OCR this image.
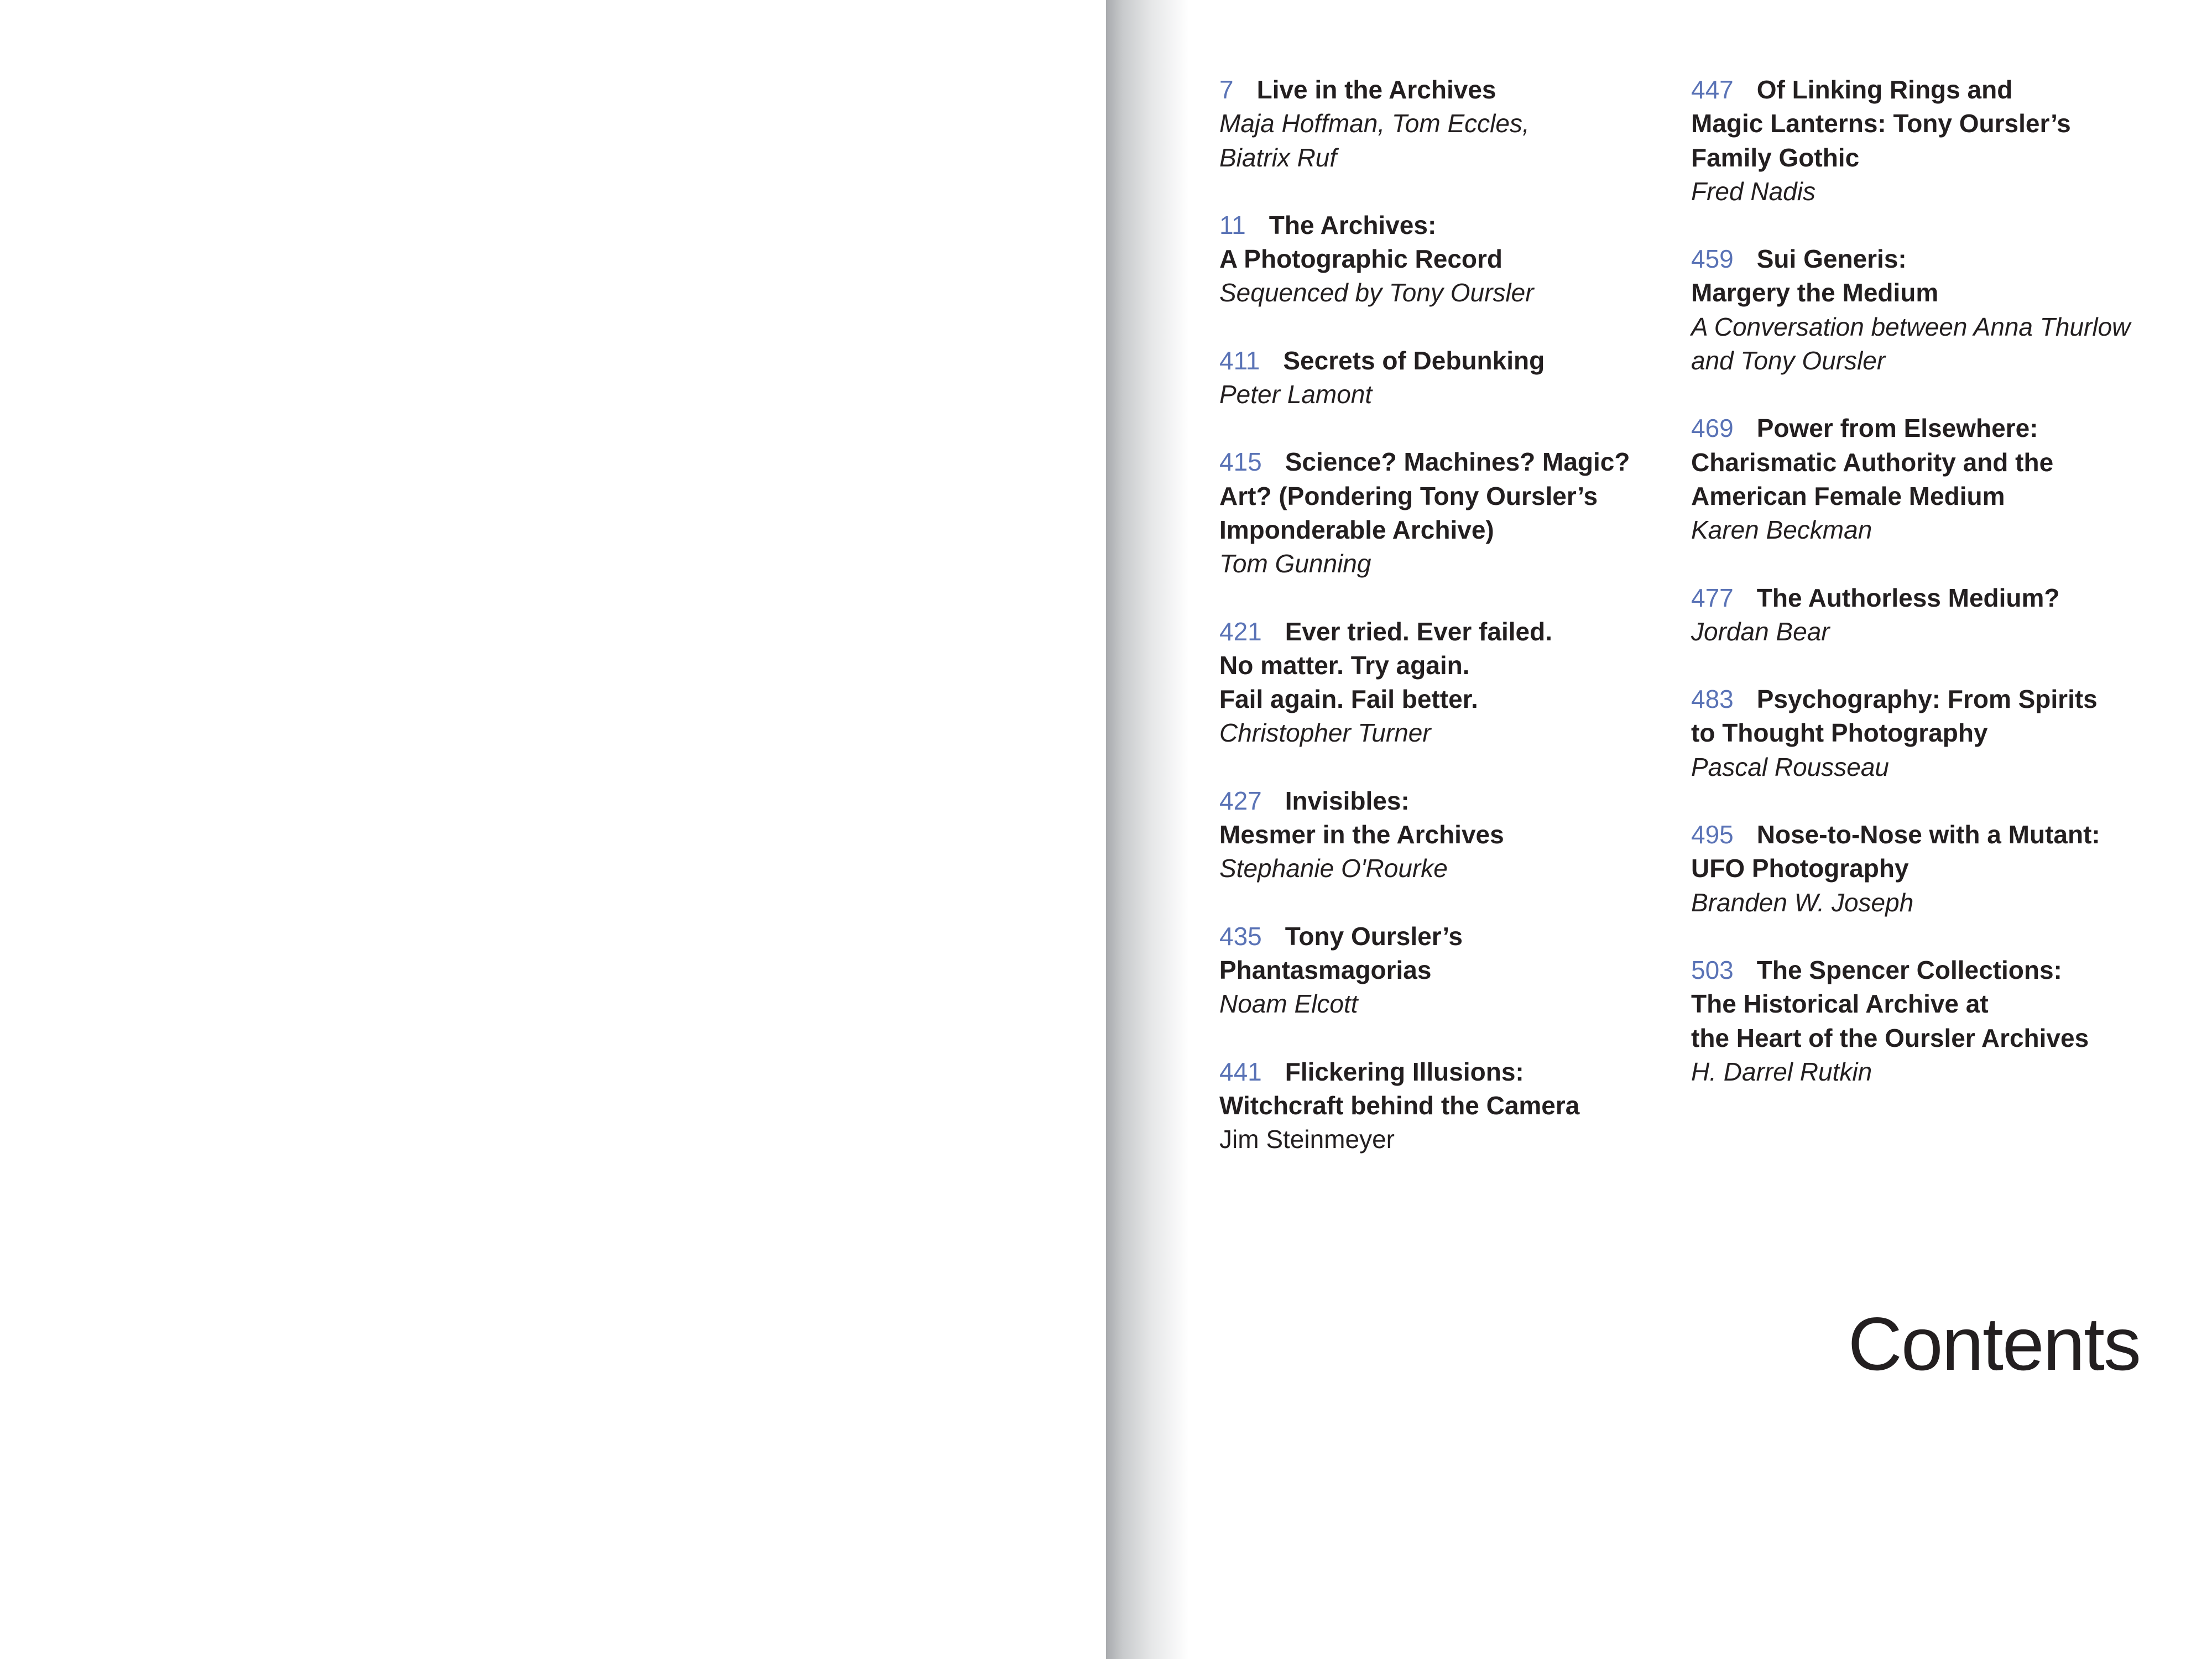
7 Live in the Archives
Maja Hoffman, Tom Eccles,
Biatrix Ruf
11 The Archives:
A Photographic Record
Sequenced by Tony Oursler
411 Secrets of Debunking
Peter Lamont
415 Science? Machines? Magic?
Art? (Pondering Tony Oursler’s
Imponderable Archive)
Tom Gunning
421 Ever tried. Ever failed.
No matter. Try again.
Fail again. Fail better.
Christopher Turner
427 Invisibles:
Mesmer in the Archives
Stephanie O'Rourke
435 Tony Oursler’s
Phantasmagorias
Noam Elcott
441 Flickering Illusions:
Witchcraft behind the Camera
Jim Steinmeyer
447 Of Linking Rings and
Magic Lanterns: Tony Oursler’s
Family Gothic
Fred Nadis
459 Sui Generis:
Margery the Medium
A Conversation between Anna Thurlow
and Tony Oursler
469 Power from Elsewhere:
Charismatic Authority and the
American Female Medium
Karen Beckman
477 The Authorless Medium?
Jordan Bear
483 Psychography: From Spirits
to Thought Photography
Pascal Rousseau
495 Nose-to-Nose with a Mutant:
UFO Photography
Branden W. Joseph
503 The Spencer Collections:
The Historical Archive at
the Heart of the Oursler Archives
H. Darrel Rutkin
Contents
